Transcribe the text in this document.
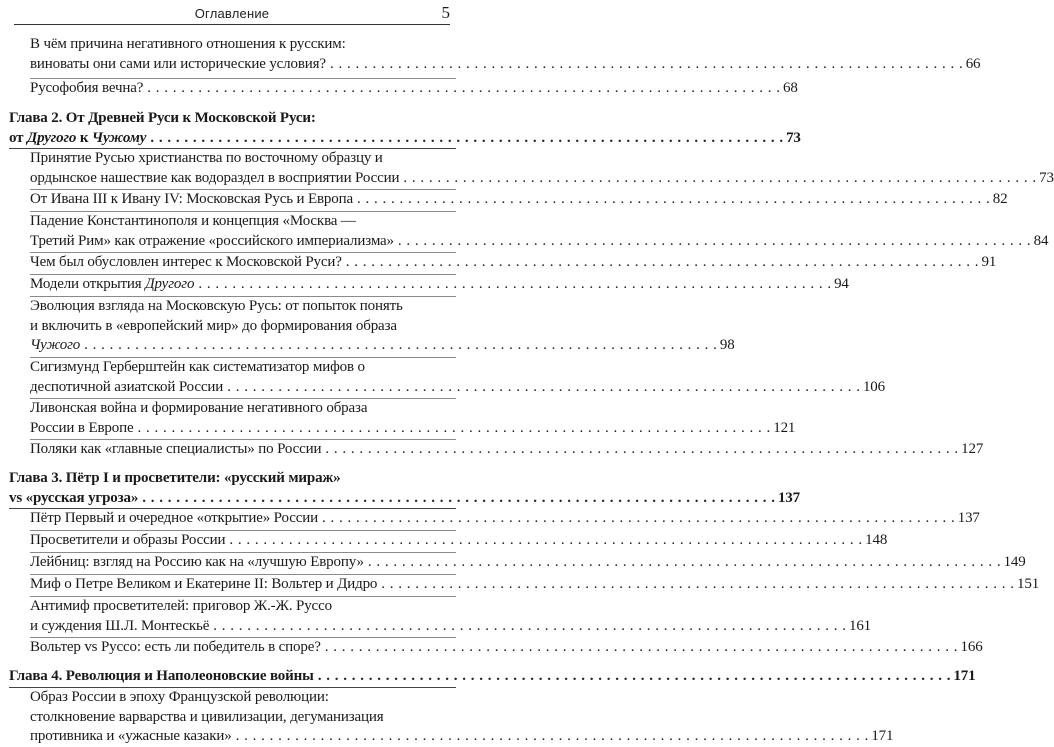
Оглавление	5
В чём причина негативного отношения к русским:
виноваты они сами или исторические условия? . . .	66
Русофобия вечна? . . .	68
Глава 2. От Древней Руси к Московской Руси:
от Другого к Чужому . . .	73
Принятие Русью христианства по восточному образцу и
ордынское нашествие как водораздел в восприятии России . . .	73
От Ивана III к Ивану IV: Московская Русь и Европа . . .	82
Падение Константинополя и концепция «Москва —
Третий Рим» как отражение «российского империализма» . . .	84
Чем был обусловлен интерес к Московской Руси? . . .	91
Модели открытия Другого . . .	94
Эволюция взгляда на Московскую Русь: от попыток понять
и включить в «европейский мир» до формирования образа
Чужого . . .	98
Сигизмунд Герберштейн как систематизатор мифов о
деспотичной азиатской России . . .	106
Ливонская война и формирование негативного образа
России в Европе . . .	121
Поляки как «главные специалисты» по России . . .	127
Глава 3. Пётр I и просветители: «русский мираж»
vs «русская угроза» . . .	137
Пётр Первый и очередное «открытие» России . . .	137
Просветители и образы России . . .	148
Лейбниц: взгляд на Россию как на «лучшую Европу» . . .	149
Миф о Петре Великом и Екатерине II: Вольтер и Дидро . . .	151
Антимиф просветителей: приговор Ж.-Ж. Руссо
и суждения Ш.Л. Монтескьё . . .	161
Вольтер vs Руссо: есть ли победитель в споре? . . .	166
Глава 4. Революция и Наполеоновские войны . . .	171
Образ России в эпоху Французской революции:
столкновение варварства и цивилизации, дегуманизация
противника и «ужасные казаки» . . .	171
